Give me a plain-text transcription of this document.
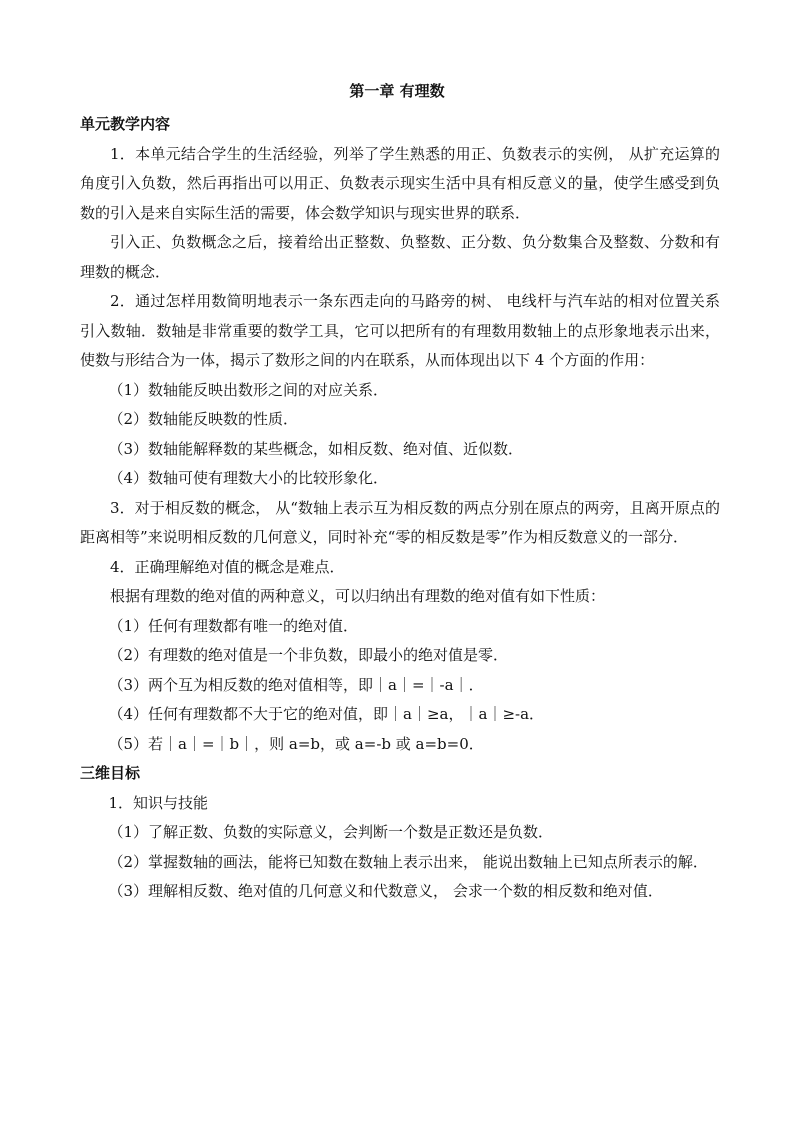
第一章 有理数

单元教学内容

1．本单元结合学生的生活经验，列举了学生熟悉的用正、负数表示的实例， 从扩充运算的角度引入负数，然后再指出可以用正、负数表示现实生活中具有相反意义的量，使学生感受到负数的引入是来自实际生活的需要，体会数学知识与现实世界的联系．

引入正、负数概念之后，接着给出正整数、负整数、正分数、负分数集合及整数、分数和有理数的概念．

2．通过怎样用数简明地表示一条东西走向的马路旁的树、 电线杆与汽车站的相对位置关系引入数轴．数轴是非常重要的数学工具，它可以把所有的有理数用数轴上的点形象地表示出来，使数与形结合为一体，揭示了数形之间的内在联系，从而体现出以下 4 个方面的作用：

（1）数轴能反映出数形之间的对应关系．

（2）数轴能反映数的性质．

（3）数轴能解释数的某些概念，如相反数、绝对值、近似数．

（4）数轴可使有理数大小的比较形象化．

3．对于相反数的概念， 从“数轴上表示互为相反数的两点分别在原点的两旁，且离开原点的距离相等”来说明相反数的几何意义，同时补充“零的相反数是零”作为相反数意义的一部分．

4．正确理解绝对值的概念是难点．

根据有理数的绝对值的两种意义，可以归纳出有理数的绝对值有如下性质：

（1）任何有理数都有唯一的绝对值．

（2）有理数的绝对值是一个非负数，即最小的绝对值是零．

（3）两个互为相反数的绝对值相等，即｜a｜=｜-a｜．

（4）任何有理数都不大于它的绝对值，即｜a｜≥a，｜a｜≥-a．

（5）若｜a｜=｜b｜，则 a=b，或 a=-b 或 a=b=0．

三维目标

1．知识与技能

（1）了解正数、负数的实际意义，会判断一个数是正数还是负数．

（2）掌握数轴的画法，能将已知数在数轴上表示出来， 能说出数轴上已知点所表示的解．

（3）理解相反数、绝对值的几何意义和代数意义， 会求一个数的相反数和绝对值．
